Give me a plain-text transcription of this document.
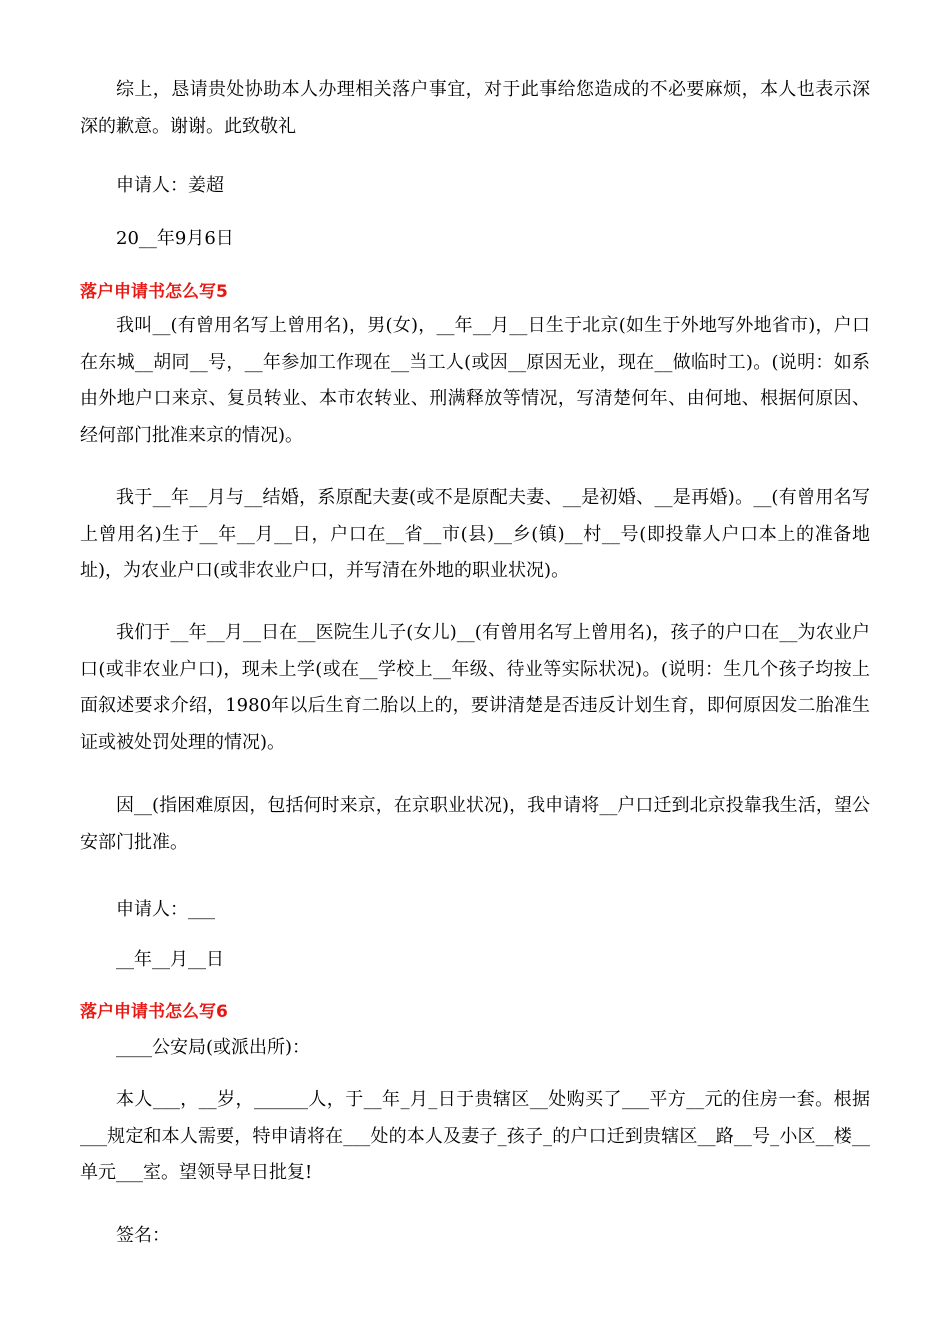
综上，恳请贵处协助本人办理相关落户事宜，对于此事给您造成的不必要麻烦，本人也表示深深的歉意。谢谢。此致敬礼

申请人：姜超

20__年9月6日

落户申请书怎么写5

我叫__(有曾用名写上曾用名)，男(女)，__年__月__日生于北京(如生于外地写外地省市)，户口在东城__胡同__号，__年参加工作现在__当工人(或因__原因无业，现在__做临时工)。(说明：如系由外地户口来京、复员转业、本市农转业、刑满释放等情况，写清楚何年、由何地、根据何原因、经何部门批准来京的情况)。

我于__年__月与__结婚，系原配夫妻(或不是原配夫妻、__是初婚、__是再婚)。__(有曾用名写上曾用名)生于__年__月__日，户口在__省__市(县)__乡(镇)__村__号(即投靠人户口本上的准备地址)，为农业户口(或非农业户口，并写清在外地的职业状况)。

我们于__年__月__日在__医院生儿子(女儿)__(有曾用名写上曾用名)，孩子的户口在__为农业户口(或非农业户口)，现未上学(或在__学校上__年级、待业等实际状况)。(说明：生几个孩子均按上面叙述要求介绍，1980年以后生育二胎以上的，要讲清楚是否违反计划生育，即何原因发二胎准生证或被处罚处理的情况)。

因__(指困难原因，包括何时来京，在京职业状况)，我申请将__户口迁到北京投靠我生活，望公安部门批准。

申请人：___

__年__月__日

落户申请书怎么写6

____公安局(或派出所)：

本人___，__岁，______人，于__年_月_日于贵辖区__处购买了___平方__元的住房一套。根据___规定和本人需要，特申请将在___处的本人及妻子_孩子_的户口迁到贵辖区__路__号_小区__楼__单元___室。望领导早日批复!

签名：
